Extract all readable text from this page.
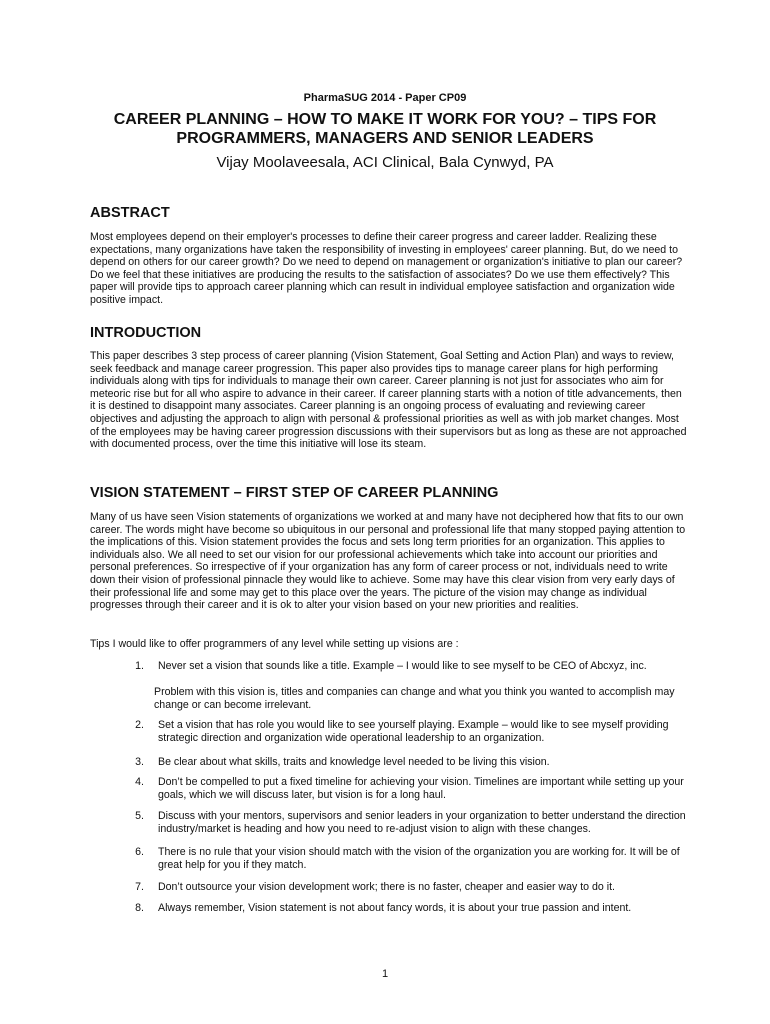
PharmaSUG 2014 - Paper CP09
CAREER PLANNING – HOW TO MAKE IT WORK FOR YOU? – TIPS FOR
PROGRAMMERS, MANAGERS AND SENIOR LEADERS
Vijay Moolaveesala, ACI Clinical, Bala Cynwyd, PA
ABSTRACT

Most employees depend on their employer's processes to define their career progress and career ladder. Realizing these expectations, many organizations have taken the responsibility of investing in employees' career planning. But, do we need to depend on others for our career growth? Do we need to depend on management or organization's initiative to plan our career? Do we feel that these initiatives are producing the results to the satisfaction of associates? Do we use them effectively? This paper will provide tips to approach career planning which can result in individual employee satisfaction and organization wide positive impact.

INTRODUCTION

This paper describes 3 step process of career planning (Vision Statement, Goal Setting and Action Plan) and ways to review, seek feedback and manage career progression. This paper also provides tips to manage career plans for high performing individuals along with tips for individuals to manage their own career. Career planning is not just for associates who aim for meteoric rise but for all who aspire to advance in their career. If career planning starts with a notion of title advancements, then it is destined to disappoint many associates. Career planning is an ongoing process of evaluating and reviewing career objectives and adjusting the approach to align with personal & professional priorities as well as with job market changes. Most of the employees may be having career progression discussions with their supervisors but as long as these are not approached with documented process, over the time this initiative will lose its steam.

VISION STATEMENT – FIRST STEP OF CAREER PLANNING

Many of us have seen Vision statements of organizations we worked at and many have not deciphered how that fits to our own career. The words might have become so ubiquitous in our personal and professional life that many stopped paying attention to the implications of this. Vision statement provides the focus and sets long term priorities for an organization. This applies to individuals also. We all need to set our vision for our professional achievements which take into account our priorities and personal preferences. So irrespective of if your organization has any form of career process or not, individuals need to write down their vision of professional pinnacle they would like to achieve. Some may have this clear vision from very early days of their professional life and some may get to this place over the years. The picture of the vision may change as individual progresses through their career and it is ok to alter your vision based on your new priorities and realities.

Tips I would like to offer programmers of any level while setting up visions are :

1. Never set a vision that sounds like a title. Example – I would like to see myself to be CEO of Abcxyz, inc.
Problem with this vision is, titles and companies can change and what you think you wanted to accomplish may change or can become irrelevant.
2. Set a vision that has role you would like to see yourself playing. Example – would like to see myself providing strategic direction and organization wide operational leadership to an organization.
3. Be clear about what skills, traits and knowledge level needed to be living this vision.
4. Don’t be compelled to put a fixed timeline for achieving your vision. Timelines are important while setting up your goals, which we will discuss later, but vision is for a long haul.
5. Discuss with your mentors, supervisors and senior leaders in your organization to better understand the direction industry/market is heading and how you need to re-adjust vision to align with these changes.
6. There is no rule that your vision should match with the vision of the organization you are working for. It will be of great help for you if they match.
7. Don’t outsource your vision development work; there is no faster, cheaper and easier way to do it.
8. Always remember, Vision statement is not about fancy words, it is about your true passion and intent.
1
